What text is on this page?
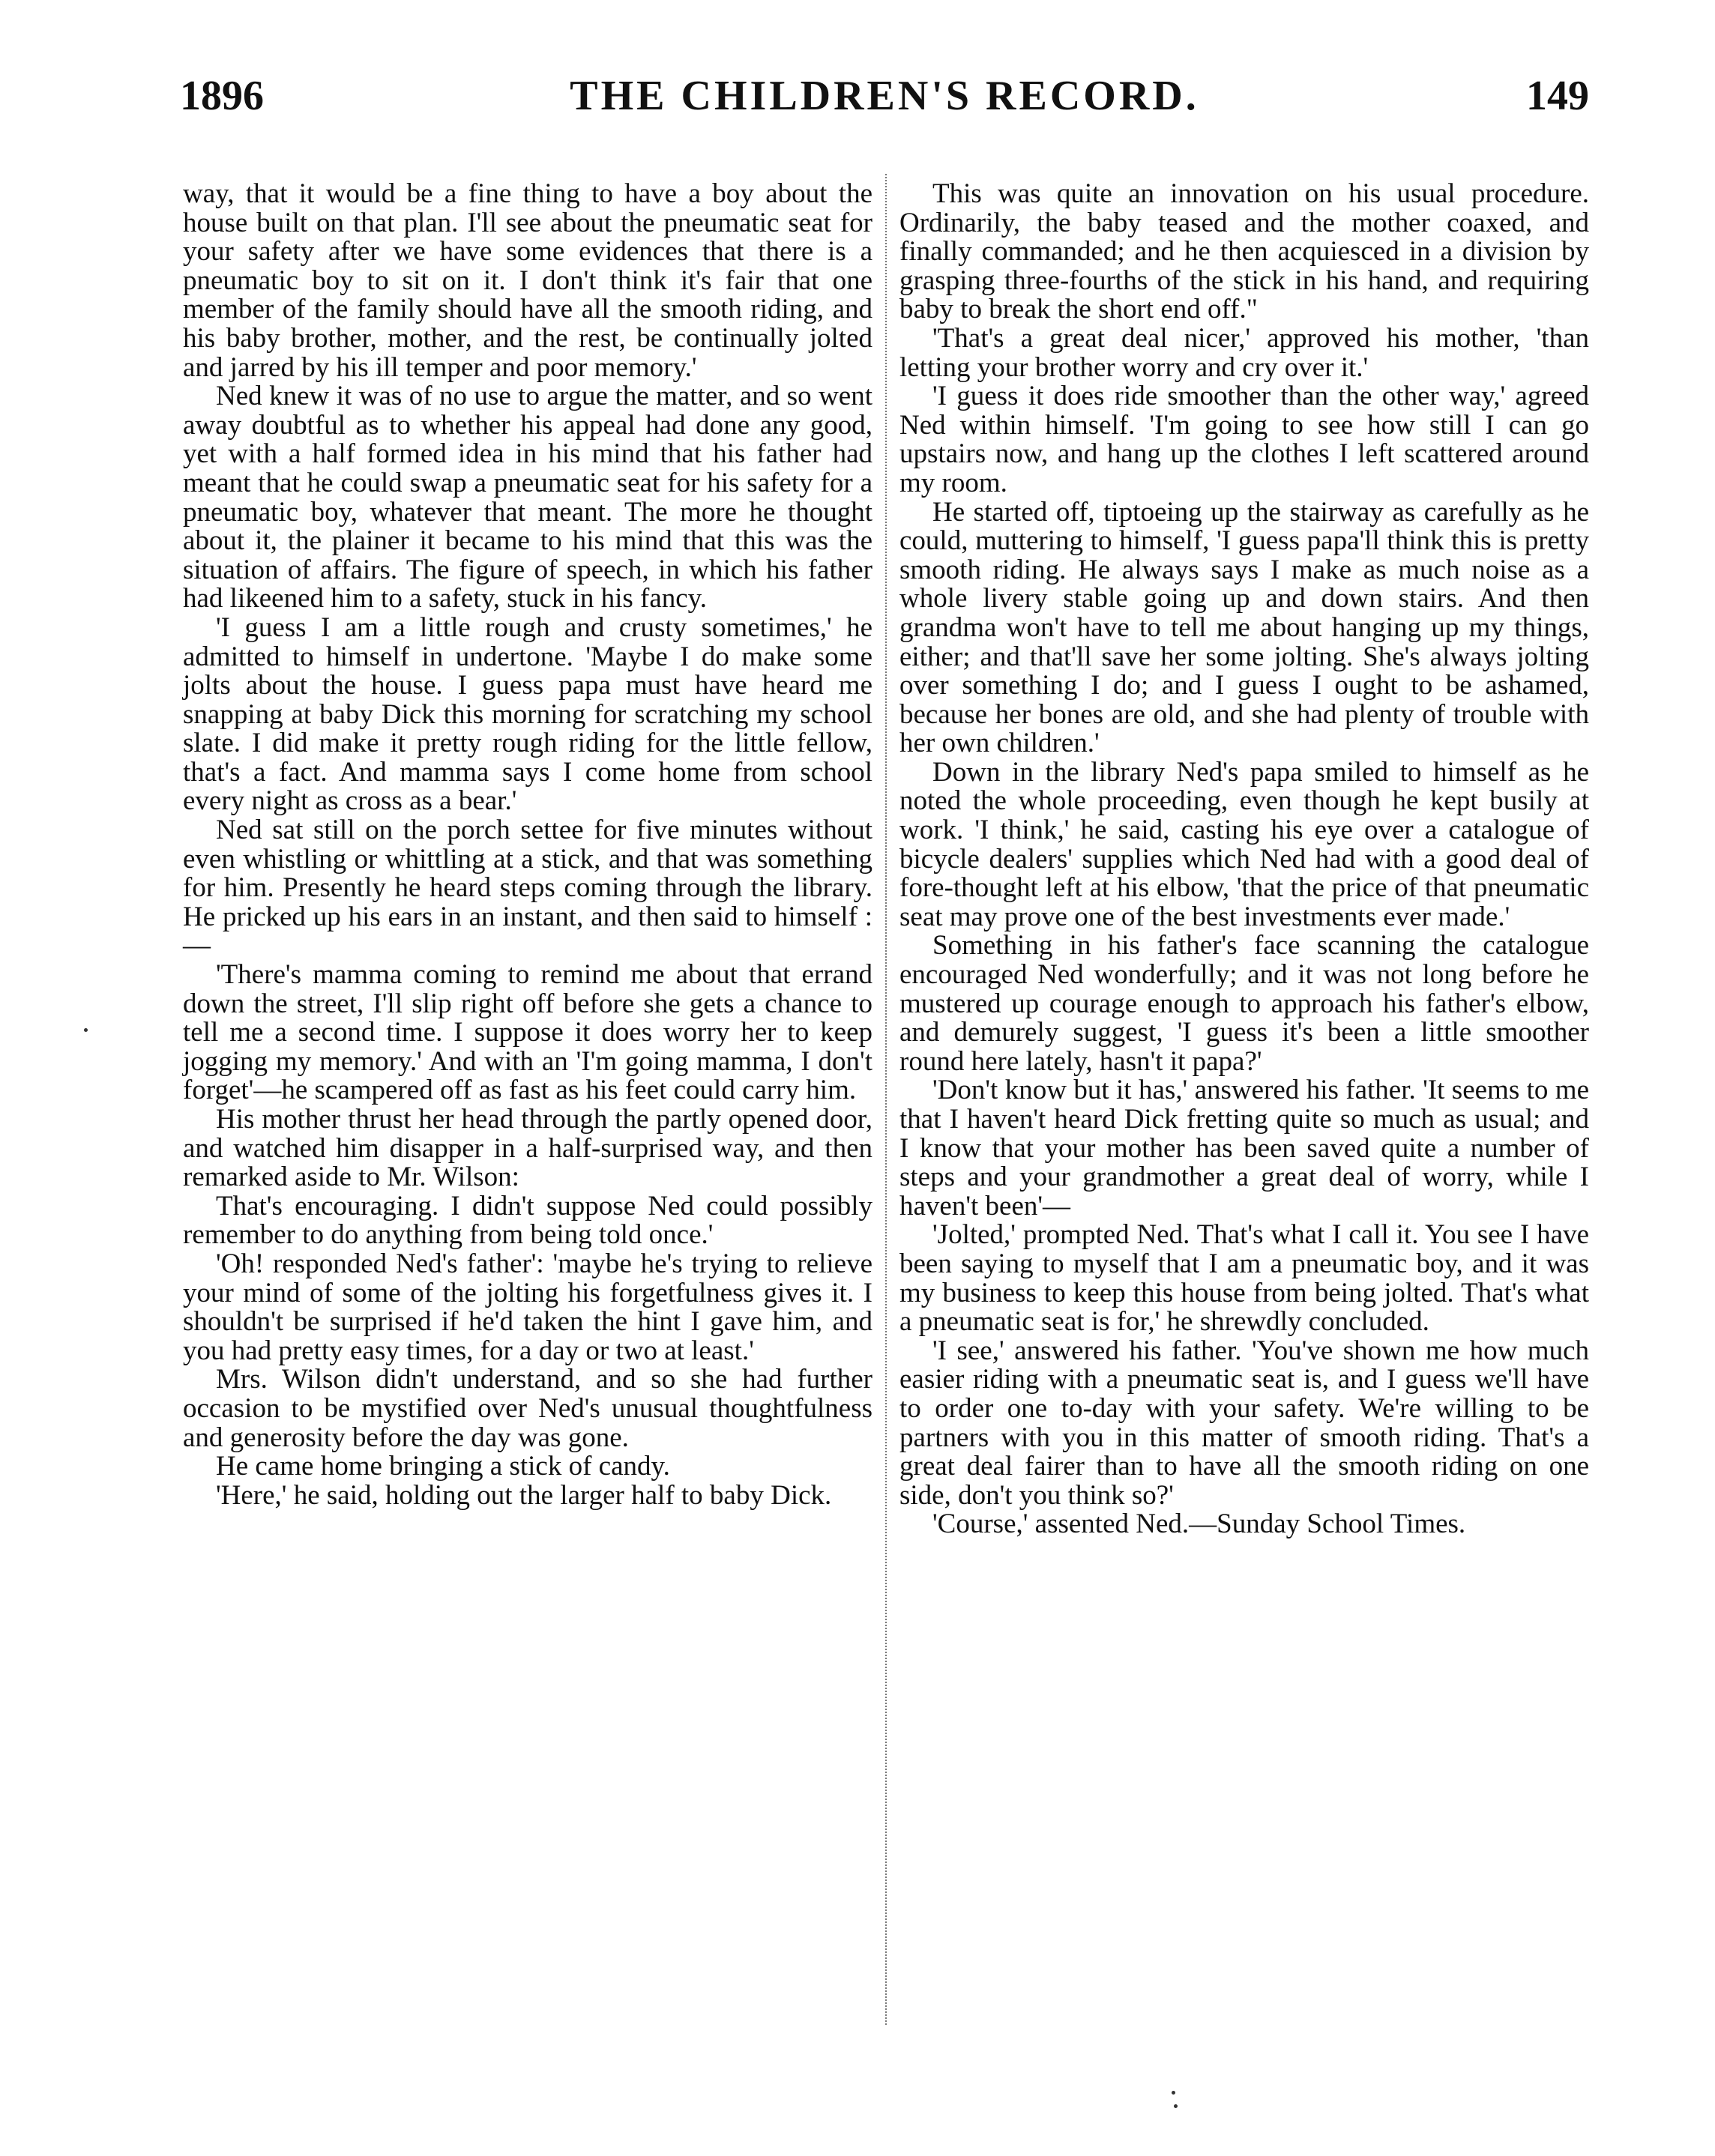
1896	THE CHILDREN'S RECORD.	149

way, that it would be a fine thing to have a boy about the house built on that plan. I'll see about the pneumatic seat for your safety after we have some evidences that there is a pneumatic boy to sit on it. I don't think it's fair that one member of the family should have all the smooth riding, and his baby brother, mother, and the rest, be continually jolted and jarred by his ill temper and poor memory.'

Ned knew it was of no use to argue the matter, and so went away doubtful as to whether his appeal had done any good, yet with a half formed idea in his mind that his father had meant that he could swap a pneumatic seat for his safety for a pneumatic boy, whatever that meant. The more he thought about it, the plainer it became to his mind that this was the situation of affairs. The figure of speech, in which his father had likeened him to a safety, stuck in his fancy.

'I guess I am a little rough and crusty sometimes,' he admitted to himself in undertone. 'Maybe I do make some jolts about the house. I guess papa must have heard me snapping at baby Dick this morning for scratching my school slate. I did make it pretty rough riding for the little fellow, that's a fact. And mamma says I come home from school every night as cross as a bear.'

Ned sat still on the porch settee for five minutes without even whistling or whittling at a stick, and that was something for him. Presently he heard steps coming through the library. He pricked up his ears in an instant, and then said to himself :—

'There's mamma coming to remind me about that errand down the street, I'll slip right off before she gets a chance to tell me a second time. I suppose it does worry her to keep jogging my memory.' And with an 'I'm going mamma, I don't forget'—he scampered off as fast as his feet could carry him.

His mother thrust her head through the partly opened door, and watched him disapper in a half-surprised way, and then remarked aside to Mr. Wilson:

That's encouraging. I didn't suppose Ned could possibly remember to do anything from being told once.'

'Oh! responded Ned's father': 'maybe he's trying to relieve your mind of some of the jolting his forgetfulness gives it. I shouldn't be surprised if he'd taken the hint I gave him, and you had pretty easy times, for a day or two at least.'

Mrs. Wilson didn't understand, and so she had further occasion to be mystified over Ned's unusual thoughtfulness and generosity before the day was gone.

He came home bringing a stick of candy.

'Here,' he said, holding out the larger half to baby Dick.

This was quite an innovation on his usual procedure. Ordinarily, the baby teased and the mother coaxed, and finally commanded; and he then acquiesced in a division by grasping three-fourths of the stick in his hand, and requiring baby to break the short end off."

'That's a great deal nicer,' approved his mother, 'than letting your brother worry and cry over it.'

'I guess it does ride smoother than the other way,' agreed Ned within himself. 'I'm going to see how still I can go upstairs now, and hang up the clothes I left scattered around my room.

He started off, tiptoeing up the stairway as carefully as he could, muttering to himself, 'I guess papa'll think this is pretty smooth riding. He always says I make as much noise as a whole livery stable going up and down stairs. And then grandma won't have to tell me about hanging up my things, either; and that'll save her some jolting. She's always jolting over something I do; and I guess I ought to be ashamed, because her bones are old, and she had plenty of trouble with her own children.'

Down in the library Ned's papa smiled to himself as he noted the whole proceeding, even though he kept busily at work. 'I think,' he said, casting his eye over a catalogue of bicycle dealers' supplies which Ned had with a good deal of fore-thought left at his elbow, 'that the price of that pneumatic seat may prove one of the best investments ever made.'

Something in his father's face scanning the catalogue encouraged Ned wonderfully; and it was not long before he mustered up courage enough to approach his father's elbow, and demurely suggest, 'I guess it's been a little smoother round here lately, hasn't it papa?'

'Don't know but it has,' answered his father. 'It seems to me that I haven't heard Dick fretting quite so much as usual; and I know that your mother has been saved quite a number of steps and your grandmother a great deal of worry, while I haven't been'—

'Jolted,' prompted Ned. That's what I call it. You see I have been saying to myself that I am a pneumatic boy, and it was my business to keep this house from being jolted. That's what a pneumatic seat is for,' he shrewdly concluded.

'I see,' answered his father. 'You've shown me how much easier riding with a pneumatic seat is, and I guess we'll have to order one to-day with your safety. We're willing to be partners with you in this matter of smooth riding. That's a great deal fairer than to have all the smooth riding on one side, don't you think so?'

'Course,' assented Ned.—Sunday School Times.
